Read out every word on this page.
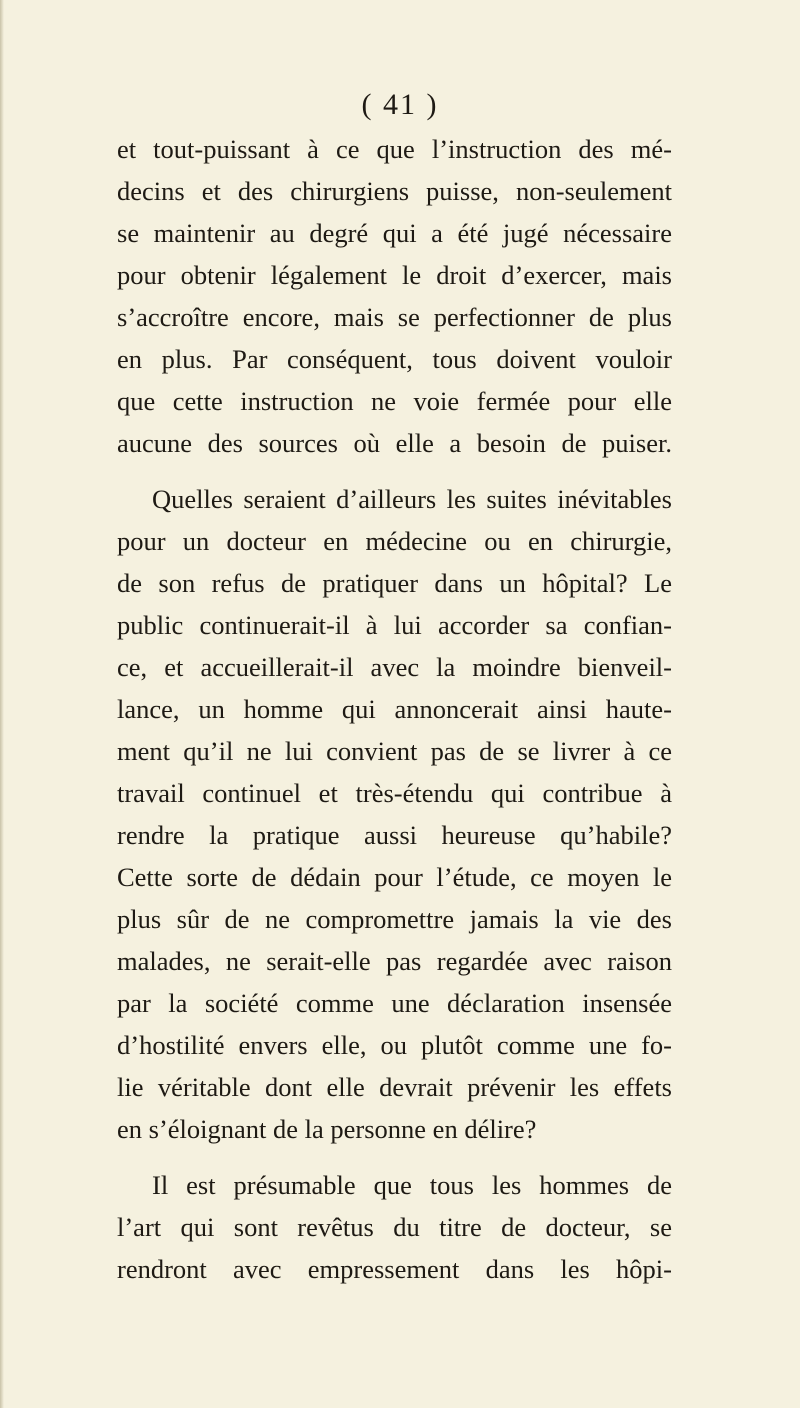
( 41 )
et tout-puissant à ce que l’instruction des mé-
decins et des chirurgiens puisse, non-seulement
se maintenir au degré qui a été jugé nécessaire
pour obtenir légalement le droit d’exercer, mais
s’accroître encore, mais se perfectionner de plus
en plus. Par conséquent, tous doivent vouloir
que cette instruction ne voie fermée pour elle
aucune des sources où elle a besoin de puiser.
Quelles seraient d’ailleurs les suites inévitables
pour un docteur en médecine ou en chirurgie,
de son refus de pratiquer dans un hôpital? Le
public continuerait-il à lui accorder sa confian-
ce, et accueillerait-il avec la moindre bienveil-
lance, un homme qui annoncerait ainsi haute-
ment qu’il ne lui convient pas de se livrer à ce
travail continuel et très-étendu qui contribue à
rendre la pratique aussi heureuse qu’habile?
Cette sorte de dédain pour l’étude, ce moyen le
plus sûr de ne compromettre jamais la vie des
malades, ne serait-elle pas regardée avec raison
par la société comme une déclaration insensée
d’hostilité envers elle, ou plutôt comme une fo-
lie véritable dont elle devrait prévenir les effets
en s’éloignant de la personne en délire?
Il est présumable que tous les hommes de
l’art qui sont revêtus du titre de docteur, se
rendront avec empressement dans les hôpi-
